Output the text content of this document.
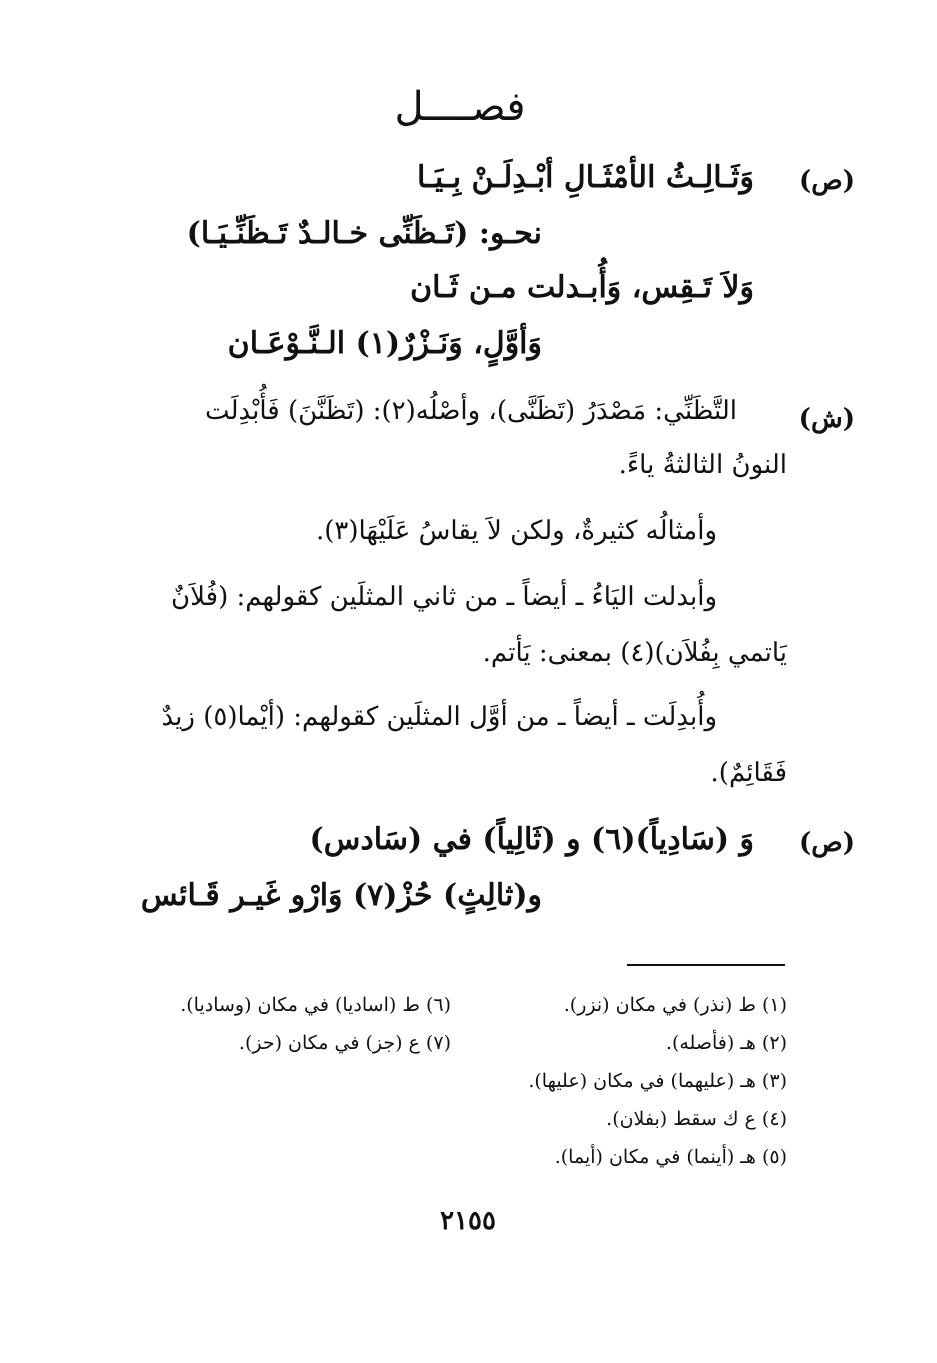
فصــــل
(ص)
وَثَـالِـثُ الأمْثَـالِ أبْـدِلَـنْ بِـيَـا
نحـو: (تَـظَنِّى خـالـدٌ تَـظَنِّـيَـا)
وَلاَ تَـقِس، وَأُبـدلت مـن ثَـان
وَأوَّلٍ، وَنَـزْرٌ(١) الـنَّـوْعَـان
(ش)
التَّظَنِّي: مَصْدَرُ (تَظَنَّى)، وأصْلُه(٢): (تَظَنَّنَ) فَأُبْدِلَت
النونُ الثالثةُ ياءً.
وأمثالُه كثيرةٌ، ولكن لاَ يقاسُ عَلَيْهَا(٣).
وأبدلت اليَاءُ ـ أيضاً ـ من ثاني المثلَين كقولهم: (فُلاَنٌ
يَاتمي بِفُلاَن)(٤) بمعنى: يَأتم.
وأُبدِلَت ـ أيضاً ـ من أوَّل المثلَين كقولهم: (أيْما(٥) زيدٌ
فَقَائِمٌ).
(ص)
وَ (سَادِياً)(٦) و (ثَالِياً) في (سَادس)
و(ثالِثٍ) حُزْ(٧) وَارْو غَيـر قَـائس
(١) ط (نذر) في مكان (نزر).
(٢) هـ (فأصله).
(٣) هـ (عليهما) في مكان (عليها).
(٤) ع ك سقط (بفلان).
(٥) هـ (أينما) في مكان (أيما).
(٦) ط (اساديا) في مكان (وساديا).
(٧) ع (جز) في مكان (حز).
٢١٥٥
